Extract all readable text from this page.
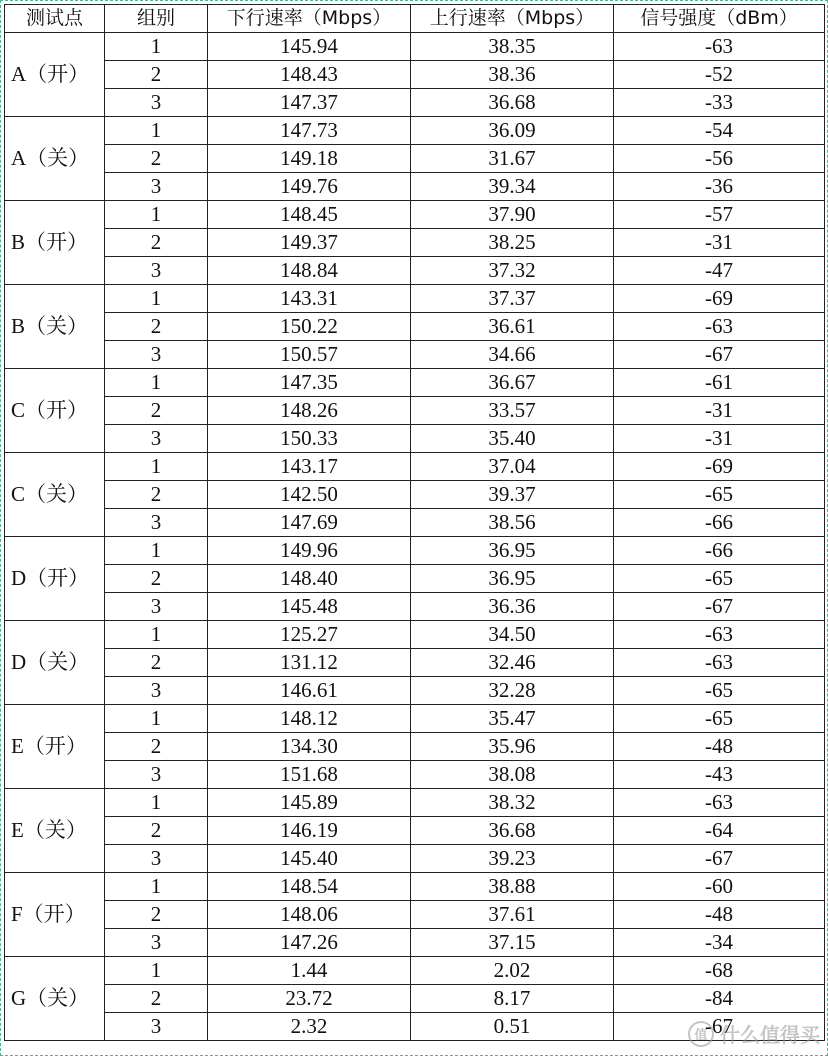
测试点	组别	下行速率（Mbps）	上行速率（Mbps）	信号强度（dBm）
A（开）	1	145.94	38.35	-63
	2	148.43	38.36	-52
	3	147.37	36.68	-33
A（关）	1	147.73	36.09	-54
	2	149.18	31.67	-56
	3	149.76	39.34	-36
B（开）	1	148.45	37.90	-57
	2	149.37	38.25	-31
	3	148.84	37.32	-47
B（关）	1	143.31	37.37	-69
	2	150.22	36.61	-63
	3	150.57	34.66	-67
C（开）	1	147.35	36.67	-61
	2	148.26	33.57	-31
	3	150.33	35.40	-31
C（关）	1	143.17	37.04	-69
	2	142.50	39.37	-65
	3	147.69	38.56	-66
D（开）	1	149.96	36.95	-66
	2	148.40	36.95	-65
	3	145.48	36.36	-67
D（关）	1	125.27	34.50	-63
	2	131.12	32.46	-63
	3	146.61	32.28	-65
E（开）	1	148.12	35.47	-65
	2	134.30	35.96	-48
	3	151.68	38.08	-43
E（关）	1	145.89	38.32	-63
	2	146.19	36.68	-64
	3	145.40	39.23	-67
F（开）	1	148.54	38.88	-60
	2	148.06	37.61	-48
	3	147.26	37.15	-34
G（关）	1	1.44	2.02	-68
	2	23.72	8.17	-84
	3	2.32	0.51	-67
值 什么值得买
